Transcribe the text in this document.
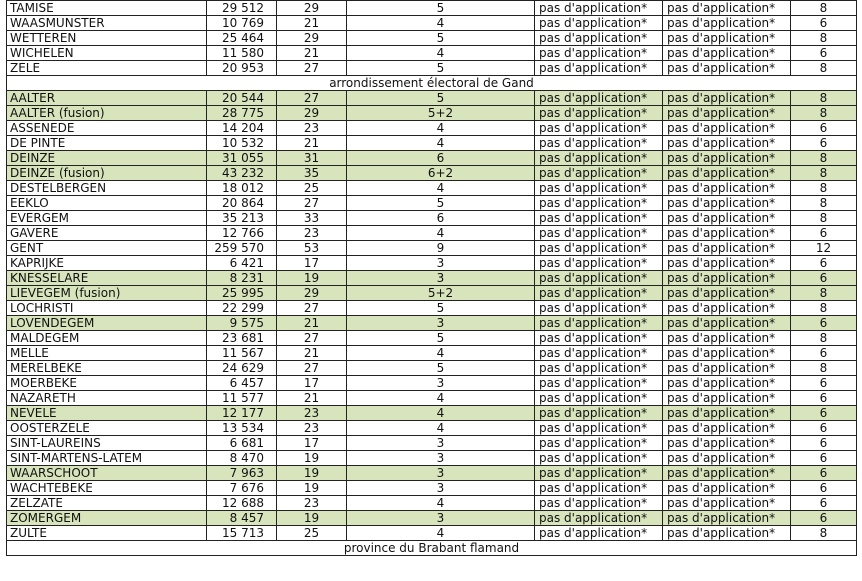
TAMISE	29 512	29	5	pas d'application*	pas d'application*	8
WAASMUNSTER	10 769	21	4	pas d'application*	pas d'application*	6
WETTEREN	25 464	29	5	pas d'application*	pas d'application*	8
WICHELEN	11 580	21	4	pas d'application*	pas d'application*	6
ZELE	20 953	27	5	pas d'application*	pas d'application*	8
arrondissement électoral de Gand						
AALTER	20 544	27	5	pas d'application*	pas d'application*	8
AALTER (fusion)	28 775	29	5+2	pas d'application*	pas d'application*	8
ASSENEDE	14 204	23	4	pas d'application*	pas d'application*	6
DE PINTE	10 532	21	4	pas d'application*	pas d'application*	6
DEINZE	31 055	31	6	pas d'application*	pas d'application*	8
DEINZE (fusion)	43 232	35	6+2	pas d'application*	pas d'application*	8
DESTELBERGEN	18 012	25	4	pas d'application*	pas d'application*	8
EEKLO	20 864	27	5	pas d'application*	pas d'application*	8
EVERGEM	35 213	33	6	pas d'application*	pas d'application*	8
GAVERE	12 766	23	4	pas d'application*	pas d'application*	6
GENT	259 570	53	9	pas d'application*	pas d'application*	12
KAPRIJKE	6 421	17	3	pas d'application*	pas d'application*	6
KNESSELARE	8 231	19	3	pas d'application*	pas d'application*	6
LIEVEGEM (fusion)	25 995	29	5+2	pas d'application*	pas d'application*	8
LOCHRISTI	22 299	27	5	pas d'application*	pas d'application*	8
LOVENDEGEM	9 575	21	3	pas d'application*	pas d'application*	6
MALDEGEM	23 681	27	5	pas d'application*	pas d'application*	8
MELLE	11 567	21	4	pas d'application*	pas d'application*	6
MERELBEKE	24 629	27	5	pas d'application*	pas d'application*	8
MOERBEKE	6 457	17	3	pas d'application*	pas d'application*	6
NAZARETH	11 577	21	4	pas d'application*	pas d'application*	6
NEVELE	12 177	23	4	pas d'application*	pas d'application*	6
OOSTERZELE	13 534	23	4	pas d'application*	pas d'application*	6
SINT-LAUREINS	6 681	17	3	pas d'application*	pas d'application*	6
SINT-MARTENS-LATEM	8 470	19	3	pas d'application*	pas d'application*	6
WAARSCHOOT	7 963	19	3	pas d'application*	pas d'application*	6
WACHTEBEKE	7 676	19	3	pas d'application*	pas d'application*	6
ZELZATE	12 688	23	4	pas d'application*	pas d'application*	6
ZOMERGEM	8 457	19	3	pas d'application*	pas d'application*	6
ZULTE	15 713	25	4	pas d'application*	pas d'application*	8
province du Brabant flamand						
